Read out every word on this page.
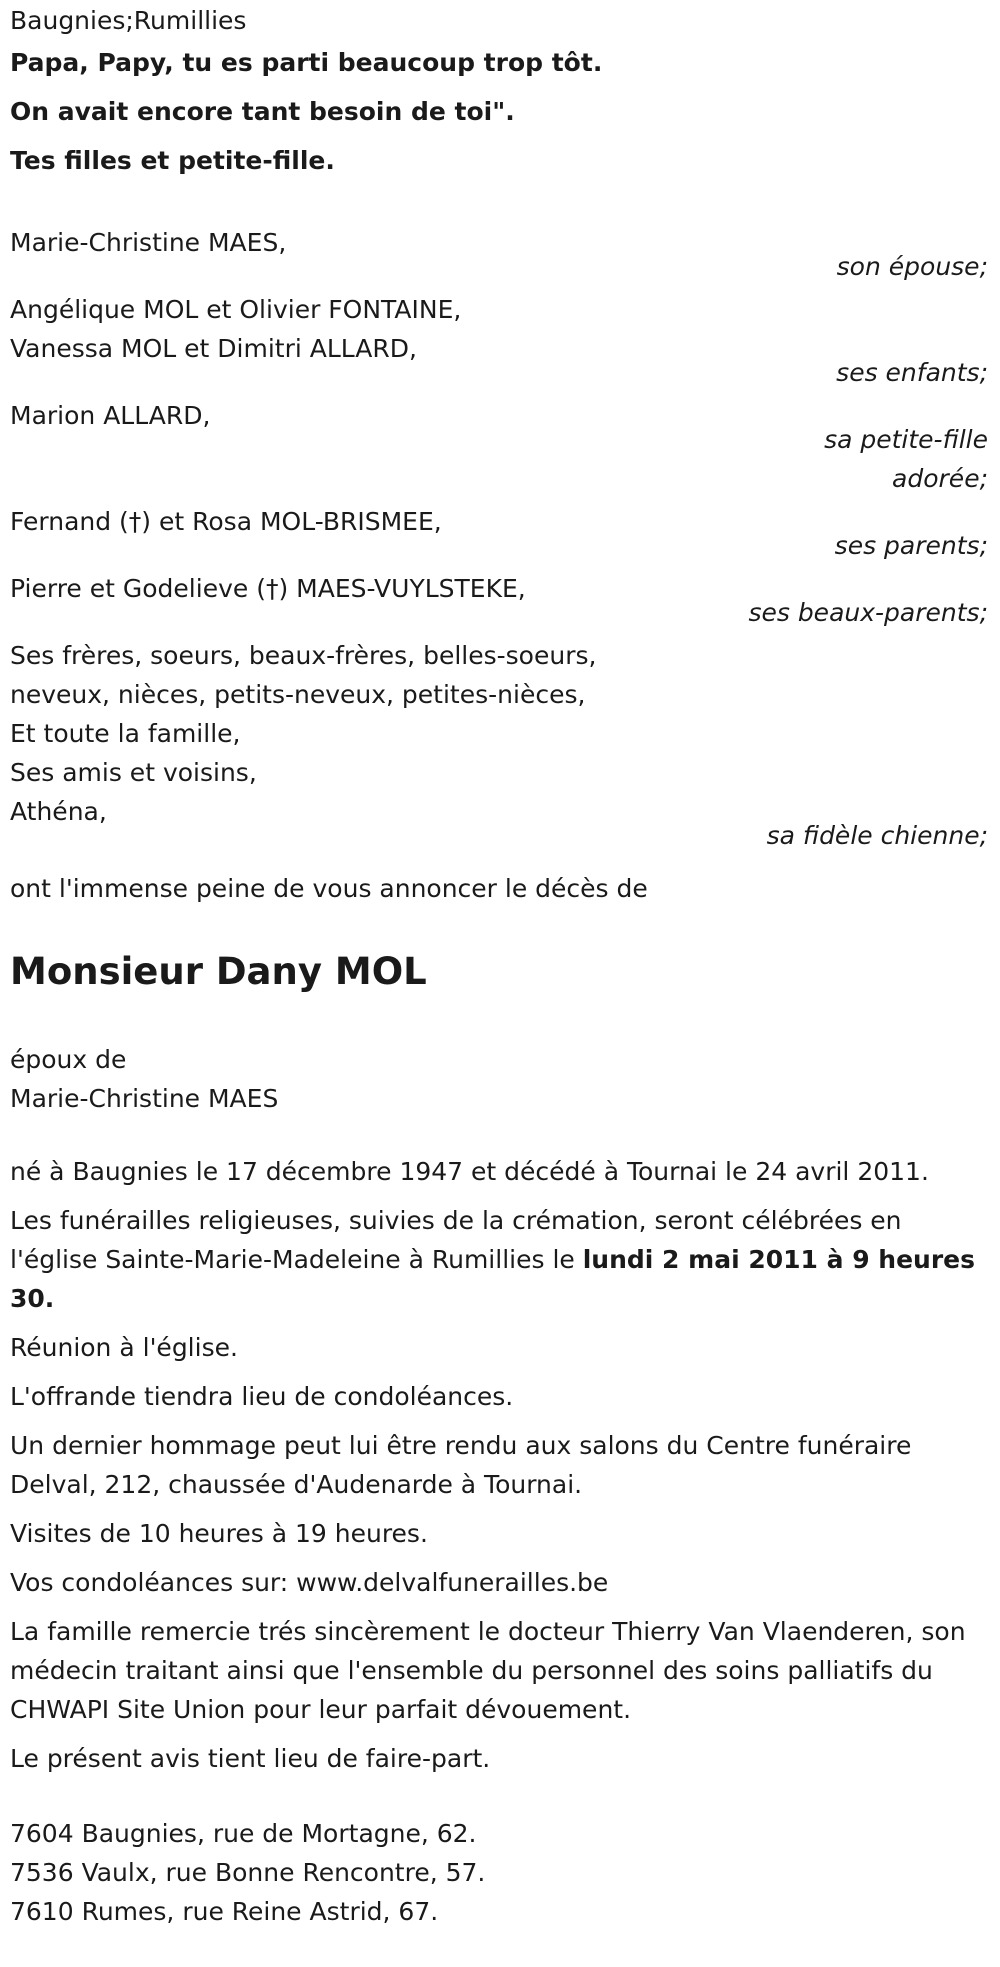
Baugnies;Rumillies
Papa, Papy, tu es parti beaucoup trop tôt.
On avait encore tant besoin de toi".
Tes filles et petite-fille.
Marie-Christine MAES,
son épouse;
Angélique MOL et Olivier FONTAINE,
Vanessa MOL et Dimitri ALLARD,
ses enfants;
Marion ALLARD,
sa petite-fille
adorée;
Fernand (†) et Rosa MOL-BRISMEE,
ses parents;
Pierre et Godelieve (†) MAES-VUYLSTEKE,
ses beaux-parents;
Ses frères, soeurs, beaux-frères, belles-soeurs,
neveux, nièces, petits-neveux, petites-nièces,
Et toute la famille,
Ses amis et voisins,
Athéna,
sa fidèle chienne;
ont l'immense peine de vous annoncer le décès de
Monsieur Dany MOL
époux de
Marie-Christine MAES

né à Baugnies le 17 décembre 1947 et décédé à Tournai le 24 avril 2011.

Les funérailles religieuses, suivies de la crémation, seront célébrées en l'église Sainte-Marie-Madeleine à Rumillies le lundi 2 mai 2011 à 9 heures 30.

Réunion à l'église.

L'offrande tiendra lieu de condoléances.

Un dernier hommage peut lui être rendu aux salons du Centre funéraire Delval, 212, chaussée d'Audenarde à Tournai.

Visites de 10 heures à 19 heures.

Vos condoléances sur: www.delvalfunerailles.be

La famille remercie trés sincèrement le docteur Thierry Van Vlaenderen, son médecin traitant ainsi que l'ensemble du personnel des soins palliatifs du CHWAPI Site Union pour leur parfait dévouement.

Le présent avis tient lieu de faire-part.

7604 Baugnies, rue de Mortagne, 62.
7536 Vaulx, rue Bonne Rencontre, 57.
7610 Rumes, rue Reine Astrid, 67.
